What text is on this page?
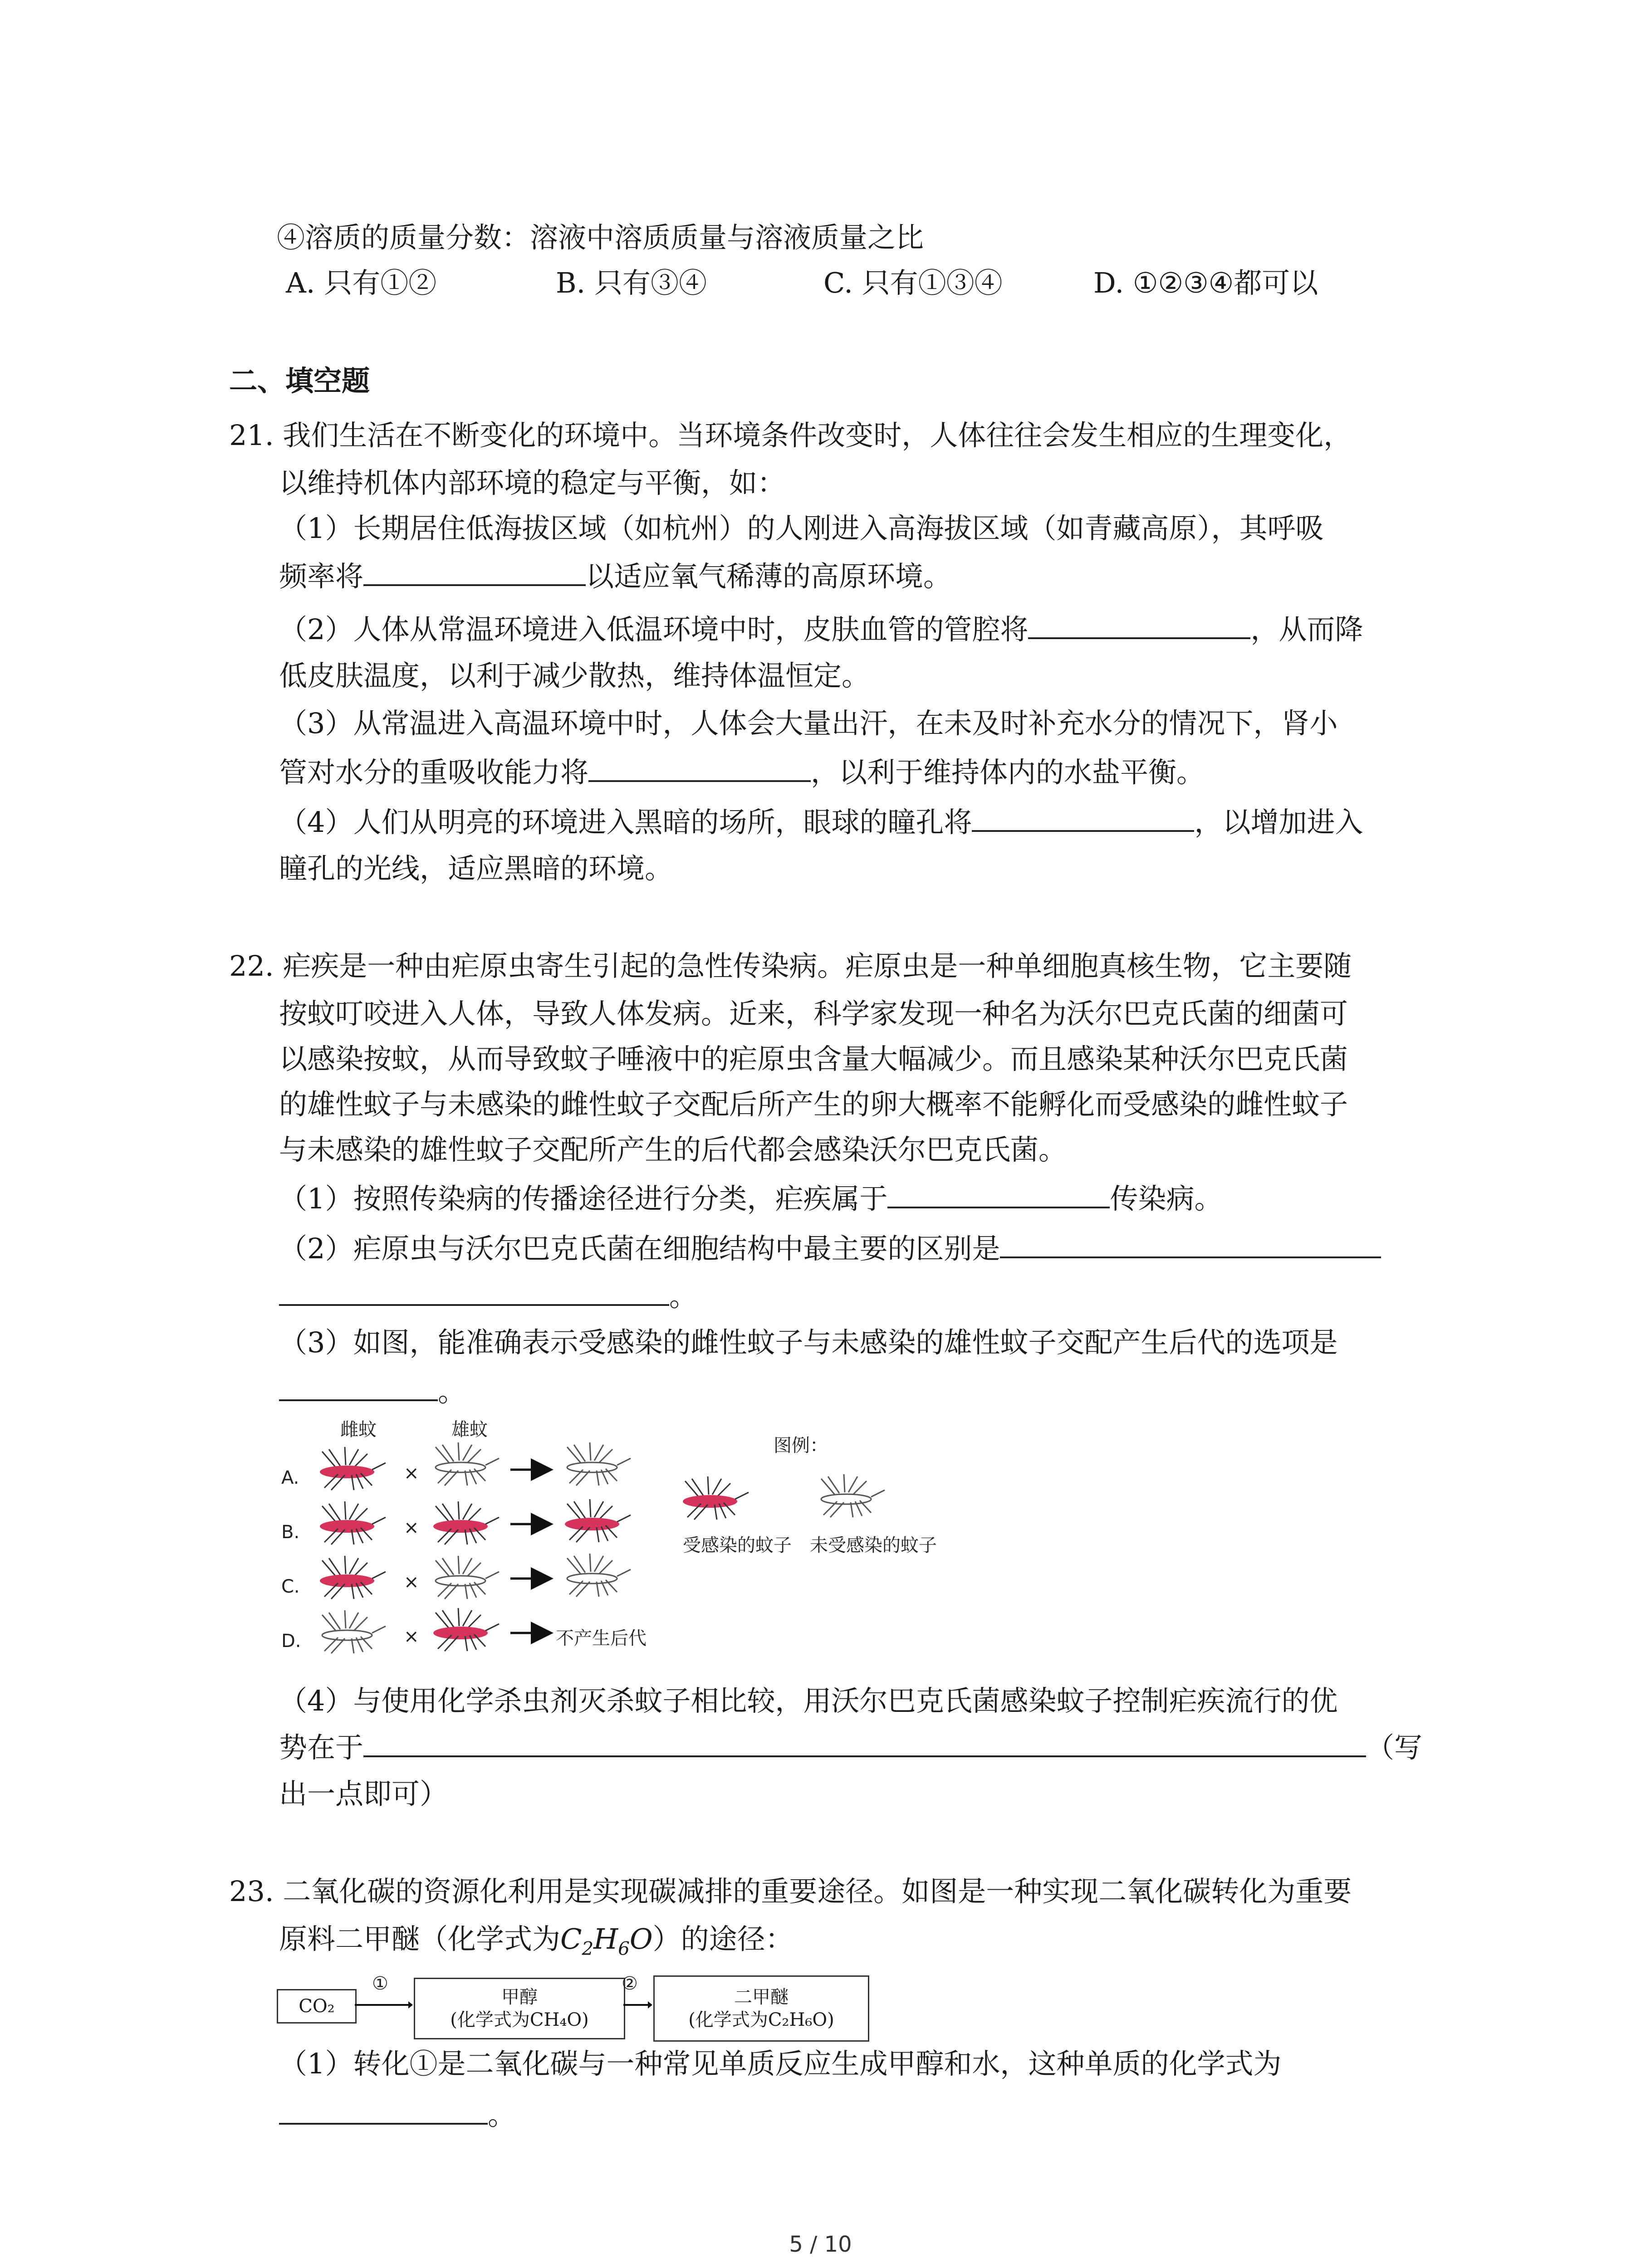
④溶质的质量分数：溶液中溶质质量与溶液质量之比
A. 只有①②	B. 只有③④	C. 只有①③④	D. ①②③④都可以
二、填空题
21. 我们生活在不断变化的环境中。当环境条件改变时，人体往往会发生相应的生理变化，
以维持机体内部环境的稳定与平衡，如：
（1）长期居住低海拔区域（如杭州）的人刚进入高海拔区域（如青藏高原），其呼吸
频率将	以适应氧气稀薄的高原环境。
（2）人体从常温环境进入低温环境中时，皮肤血管的管腔将	，从而降
低皮肤温度，以利于减少散热，维持体温恒定。
（3）从常温进入高温环境中时，人体会大量出汗，在未及时补充水分的情况下，肾小
管对水分的重吸收能力将	，以利于维持体内的水盐平衡。
（4）人们从明亮的环境进入黑暗的场所，眼球的瞳孔将	，以增加进入
瞳孔的光线，适应黑暗的环境。
22. 疟疾是一种由疟原虫寄生引起的急性传染病。疟原虫是一种单细胞真核生物，它主要随
按蚊叮咬进入人体，导致人体发病。近来，科学家发现一种名为沃尔巴克氏菌的细菌可
以感染按蚊，从而导致蚊子唾液中的疟原虫含量大幅减少。而且感染某种沃尔巴克氏菌
的雄性蚊子与未感染的雌性蚊子交配后所产生的卵大概率不能孵化而受感染的雌性蚊子
与未感染的雄性蚊子交配所产生的后代都会感染沃尔巴克氏菌。
（1）按照传染病的传播途径进行分类，疟疾属于	传染病。
（2）疟原虫与沃尔巴克氏菌在细胞结构中最主要的区别是
。
（3）如图，能准确表示受感染的雌性蚊子与未感染的雄性蚊子交配产生后代的选项是
。
雌蚊	雄蚊
A.
B.
C.
D.
×
×
×
×	不产生后代
图例：
受感染的蚊子 未受感染的蚊子
（4）与使用化学杀虫剂灭杀蚊子相比较，用沃尔巴克氏菌感染蚊子控制疟疾流行的优
势在于	（写
出一点即可）
23. 二氧化碳的资源化利用是实现碳减排的重要途径。如图是一种实现二氧化碳转化为重要
原料二甲醚（化学式为$C_2H_6O$）的途径：
CO₂
①
甲醇
(化学式为CH₄O)
②
二甲醚
(化学式为C₂H₆O)
（1）转化①是二氧化碳与一种常见单质反应生成甲醇和水，这种单质的化学式为
。
5 / 10
